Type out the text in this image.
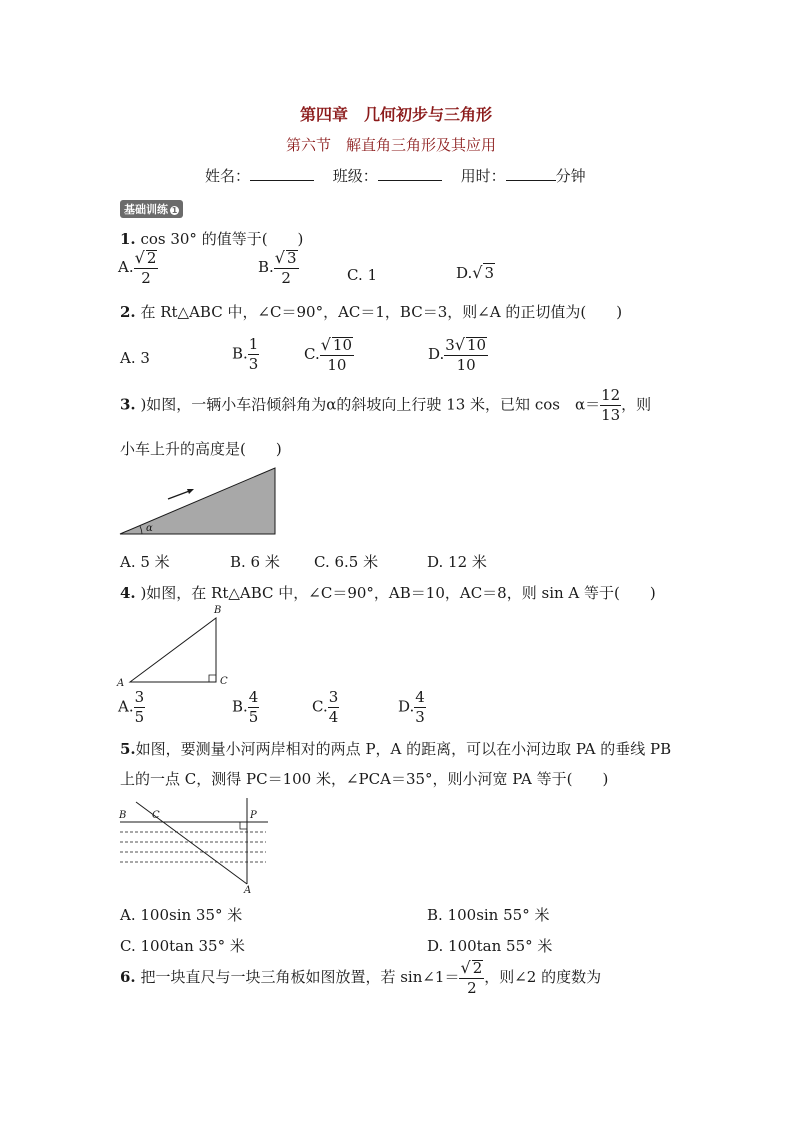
第四章　几何初步与三角形
第六节　解直角三角形及其应用
姓名：	班级：	用时：	分钟
基础训练 1
1. cos 30° 的值等于(　　)
A. $\frac{√ 2}{2}$	B. $\frac{√ 3}{2}$	C. 1	D.√ 3
2. 在 Rt△ABC 中，∠C＝90°，AC＝1，BC＝3，则∠A 的正切值为(　　)
A. 3	B. $\frac{1}{3}$	C. $\frac{√ 10}{10}$	D. $\frac{3√ 10}{10}$
3. )如图，一辆小车沿倾斜角为α的斜坡向上行驶 13 米，已知 cos　$\alpha= \frac{12}{13}$ ，则
小车上升的高度是(　　)
α
A. 5 米	B. 6 米 C. 6.5 米	D. 12 米
4. )如图，在 Rt△ABC 中，∠C＝90°，AB＝10，AC＝8，则 sin A 等于(　　)
A
B
C
A. $\frac{3}{5}$	B. $\frac{4}{5}$	C. $\frac{3}{4}$	D. $\frac{4}{3}$
5.如图，要测量小河两岸相对的两点 P，A 的距离，可以在小河边取 PA 的垂线 PB
上的一点 C，测得 PC＝100 米，∠PCA＝35°，则小河宽 PA 等于(　　)
B	C	P
A
A. 100sin 35° 米	B. 100sin 55° 米
C. 100tan 35° 米	D. 100tan 55° 米
6. 把一块直尺与一块三角板如图放置，若 sin∠1＝ $\frac{√ 2}{2}$ ，则∠2 的度数为
